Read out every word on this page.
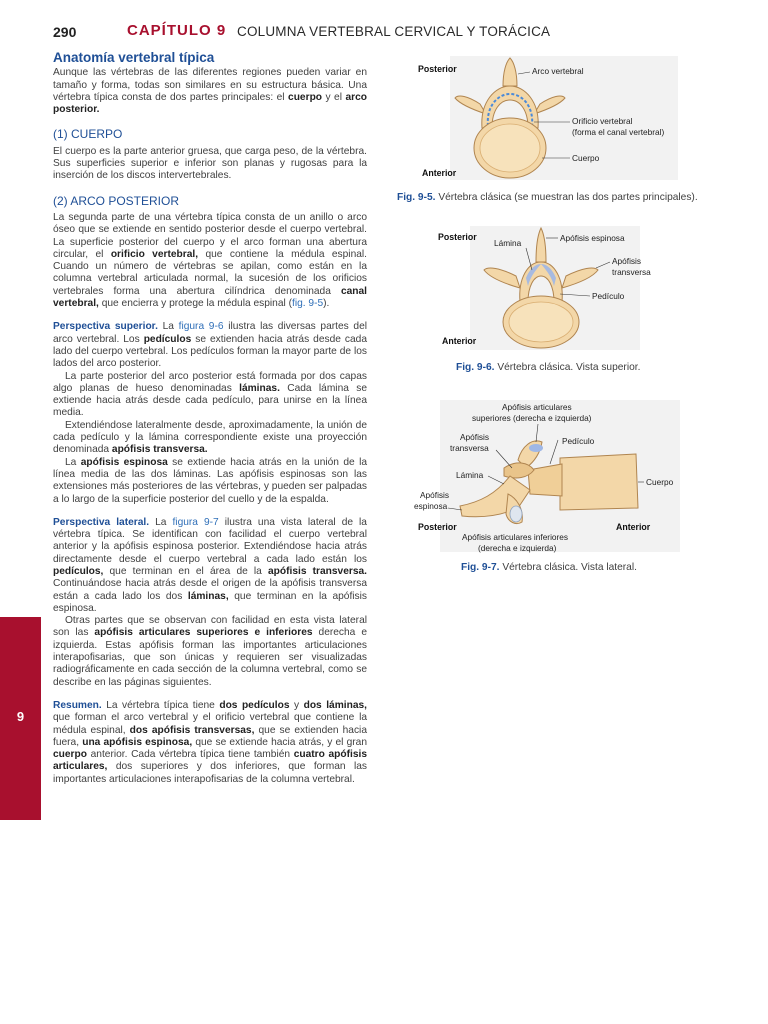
290	CAPÍTULO 9 COLUMNA VERTEBRAL CERVICAL Y TORÁCICA
9
Anatomía vertebral típica

Aunque las vértebras de las diferentes regiones pueden variar en tamaño y forma, todas son similares en su estructura básica. Una vértebra típica consta de dos partes principales: el cuerpo y el arco posterior.

(1) CUERPO

El cuerpo es la parte anterior gruesa, que carga peso, de la vértebra. Sus superficies superior e inferior son planas y rugosas para la inserción de los discos intervertebrales.

(2) ARCO POSTERIOR

La segunda parte de una vértebra típica consta de un anillo o arco óseo que se extiende en sentido posterior desde el cuerpo vertebral. La superficie posterior del cuerpo y el arco forman una abertura circular, el orificio vertebral, que contiene la médula espinal. Cuando un número de vértebras se apilan, como están en la columna vertebral articulada normal, la sucesión de los orificios vertebrales forma una abertura cilíndrica denominada canal vertebral, que encierra y protege la médula espinal (fig. 9-5).

Perspectiva superior. La figura 9-6 ilustra las diversas partes del arco vertebral. Los pedículos se extienden hacia atrás desde cada lado del cuerpo vertebral. Los pedículos forman la mayor parte de los lados del arco posterior.

La parte posterior del arco posterior está formada por dos capas algo planas de hueso denominadas láminas. Cada lámina se extiende hacia atrás desde cada pedículo, para unirse en la línea media.

Extendiéndose lateralmente desde, aproximadamente, la unión de cada pedículo y la lámina correspondiente existe una proyección denominada apófisis transversa.

La apófisis espinosa se extiende hacia atrás en la unión de la línea media de las dos láminas. Las apófisis espinosas son las extensiones más posteriores de las vértebras, y pueden ser palpadas a lo largo de la superficie posterior del cuello y de la espalda.

Perspectiva lateral. La figura 9-7 ilustra una vista lateral de la vértebra típica. Se identifican con facilidad el cuerpo vertebral anterior y la apófisis espinosa posterior. Extendiéndose hacia atrás directamente desde el cuerpo vertebral a cada lado están los pedículos, que terminan en el área de la apófisis transversa. Continuándose hacia atrás desde el origen de la apófisis transversa están a cada lado los dos láminas, que terminan en la apófisis espinosa.

Otras partes que se observan con facilidad en esta vista lateral son las apófisis articulares superiores e inferiores derecha e izquierda. Estas apófisis forman las importantes articulaciones interapofisarias, que son únicas y requieren ser visualizadas radiográficamente en cada sección de la columna vertebral, como se describe en las páginas siguientes.

Resumen. La vértebra típica tiene dos pedículos y dos láminas, que forman el arco vertebral y el orificio vertebral que contiene la médula espinal, dos apófisis transversas, que se extienden hacia fuera, una apófisis espinosa, que se extiende hacia atrás, y el gran cuerpo anterior. Cada vértebra típica tiene también cuatro apófisis articulares, dos superiores y dos inferiores, que forman las importantes articulaciones interapofisarias de la columna vertebral.

Posterior
Anterior
Arco vertebral
Orificio vertebral
(forma el canal vertebral)
Cuerpo
Fig. 9-5. Vértebra clásica (se muestran las dos partes principales).
Posterior
Anterior
Lámina	Apófisis espinosa
Apófisis
transversa
Pedículo
Fig. 9-6. Vértebra clásica. Vista superior.
Apófisis articulares
superiores (derecha e izquierda)
Apófisis
transversa
Pedículo
Lámina
Cuerpo
Apófisis
espinosa
Posterior	Anterior
Apófisis articulares inferiores
(derecha e izquierda)
Fig. 9-7. Vértebra clásica. Vista lateral.
